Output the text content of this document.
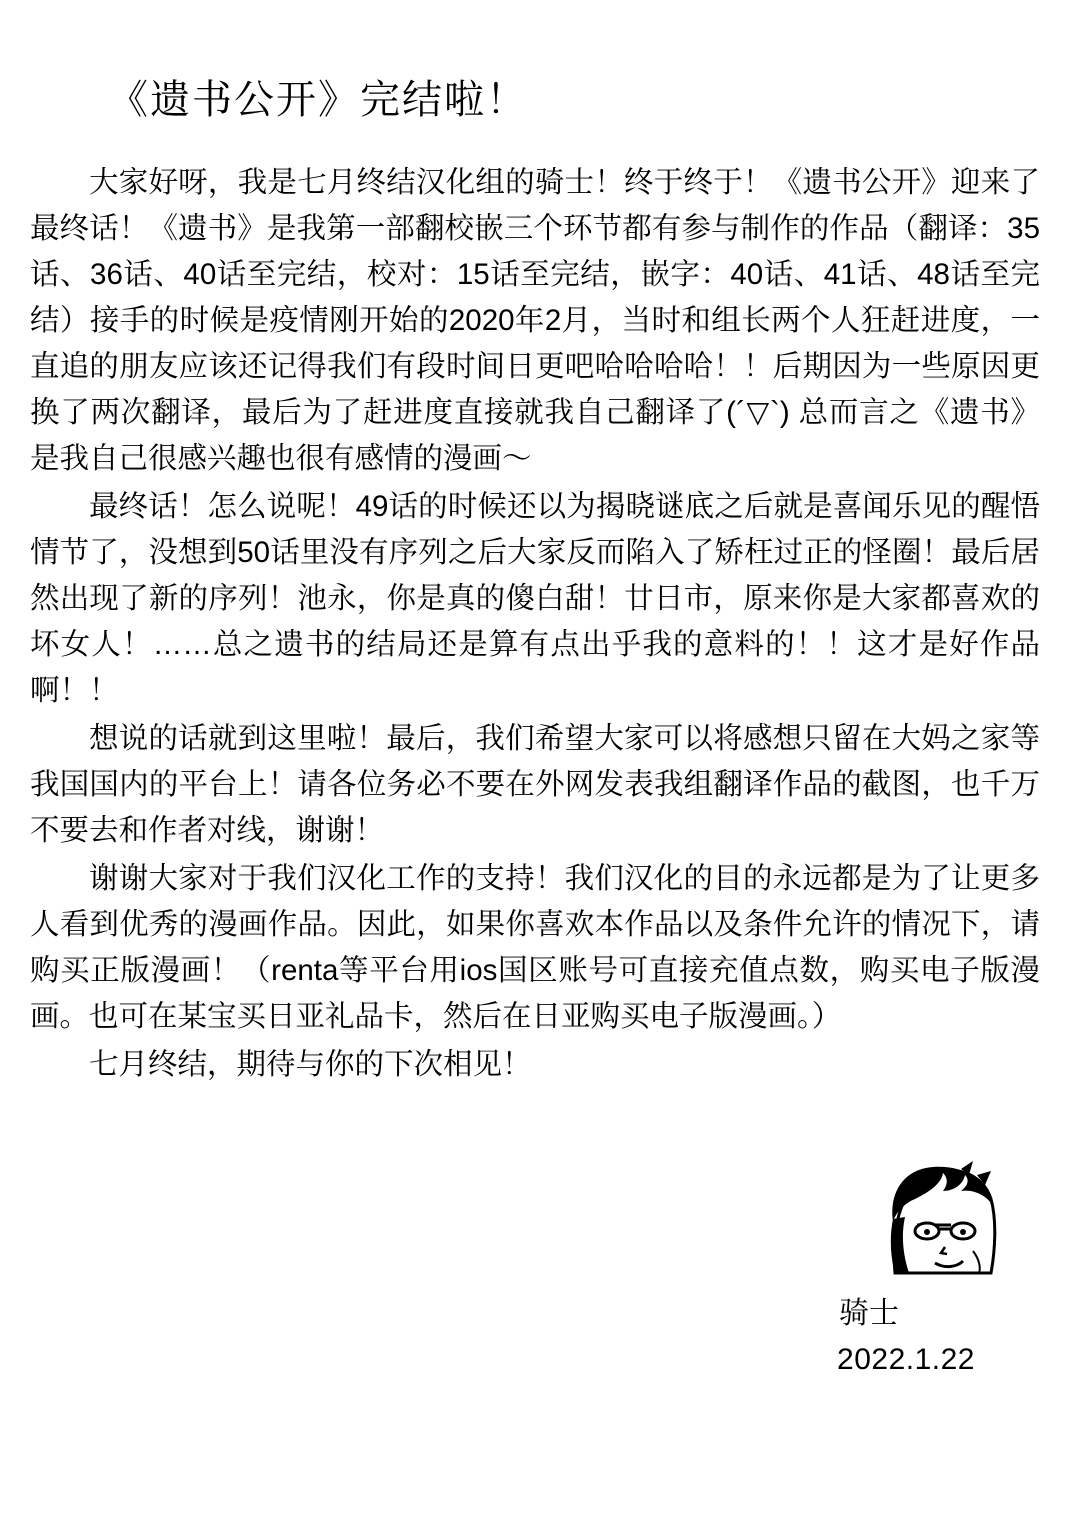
《遗书公开》完结啦！

大家好呀，我是七月终结汉化组的骑士！终于终于！《遗书公开》迎来了最终话！《遗书》是我第一部翻校嵌三个环节都有参与制作的作品（翻译：35话、36话、40话至完结，校对：15话至完结，嵌字：40话、41话、48话至完结）接手的时候是疫情刚开始的2020年2月，当时和组长两个人狂赶进度，一直追的朋友应该还记得我们有段时间日更吧哈哈哈哈！！后期因为一些原因更换了两次翻译，最后为了赶进度直接就我自己翻译了(´▽`) 总而言之《遗书》是我自己很感兴趣也很有感情的漫画～

最终话！怎么说呢！49话的时候还以为揭晓谜底之后就是喜闻乐见的醒悟情节了，没想到50话里没有序列之后大家反而陷入了矫枉过正的怪圈！最后居然出现了新的序列！池永，你是真的傻白甜！廿日市，原来你是大家都喜欢的坏女人！……总之遗书的结局还是算有点出乎我的意料的！！这才是好作品啊！！

想说的话就到这里啦！最后，我们希望大家可以将感想只留在大妈之家等我国国内的平台上！请各位务必不要在外网发表我组翻译作品的截图，也千万不要去和作者对线，谢谢！

谢谢大家对于我们汉化工作的支持！我们汉化的目的永远都是为了让更多人看到优秀的漫画作品。因此，如果你喜欢本作品以及条件允许的情况下，请购买正版漫画！（renta等平台用ios国区账号可直接充值点数，购买电子版漫画。也可在某宝买日亚礼品卡，然后在日亚购买电子版漫画。）

七月终结，期待与你的下次相见！

骑士
2022.1.22
